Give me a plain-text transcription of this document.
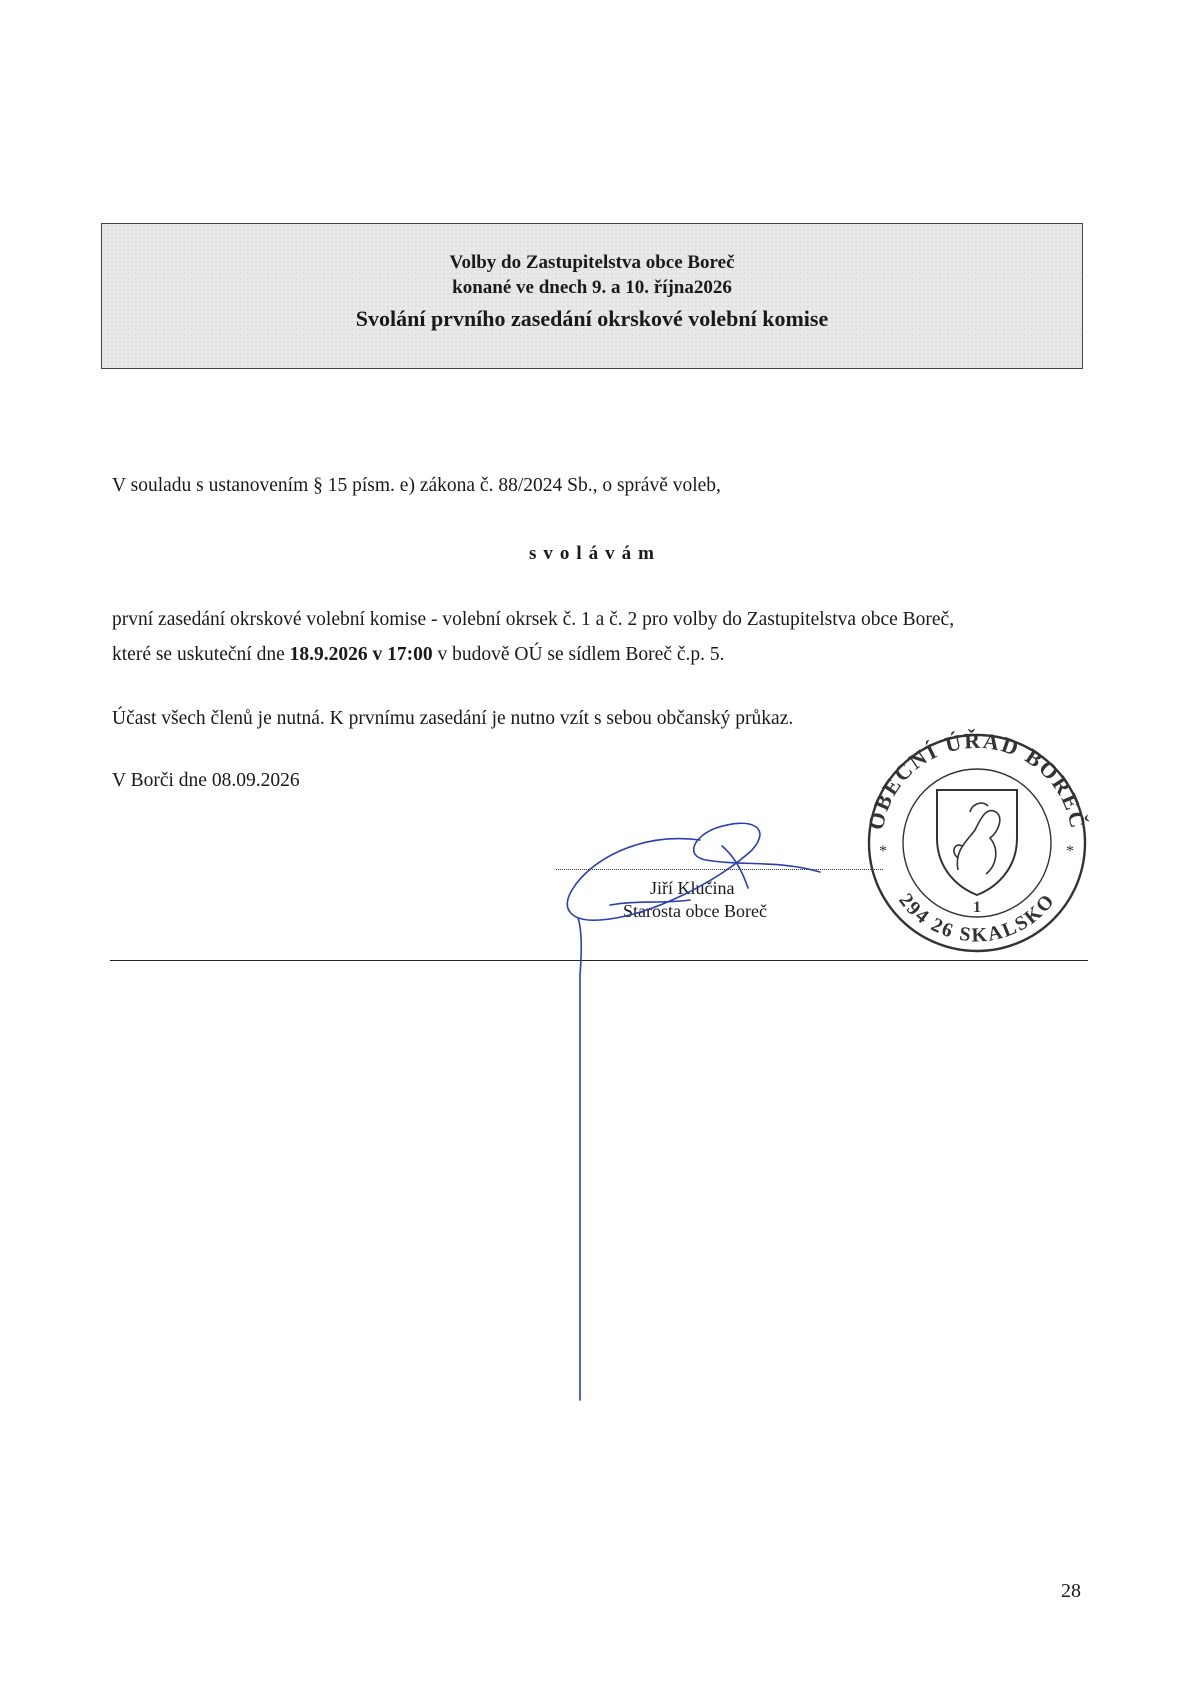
Volby do Zastupitelstva obce Boreč
konané ve dnech 9. a 10. října2026
Svolání prvního zasedání okrskové volební komise
V souladu s ustanovením § 15 písm. e) zákona č. 88/2024 Sb., o správě voleb,
svolávám
první zasedání okrskové volební komise - volební okrsek č. 1 a č. 2 pro volby do Zastupitelstva obce Boreč,
které se uskuteční dne 18.9.2026 v 17:00 v budově OÚ se sídlem Boreč č.p. 5.
Účast všech členů je nutná. K prvnímu zasedání je nutno vzít s sebou občanský průkaz.
V Borči dne 08.09.2026
Jiří Klučina
Starosta obce Boreč
OBECNÍ ÚŘAD BOREČ
294 26 SKALSKO
1
*	*
28
